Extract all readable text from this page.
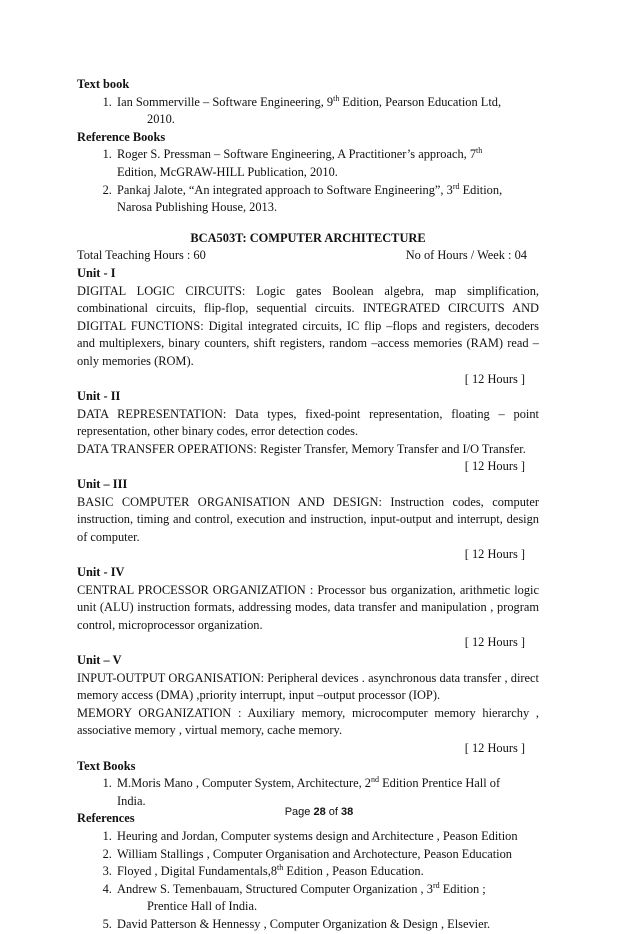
Text book
1. Ian Sommerville – Software Engineering, 9th Edition, Pearson Education Ltd,
2010.
Reference Books
1. Roger S. Pressman – Software Engineering, A Practitioner’s approach, 7th
Edition, McGRAW-HILL Publication, 2010.
2. Pankaj Jalote, “An integrated approach to Software Engineering”, 3rd Edition,
Narosa Publishing House, 2013.
BCA503T: COMPUTER ARCHITECTURE
Total Teaching Hours : 60	No of Hours / Week : 04
Unit - I
DIGITAL LOGIC CIRCUITS: Logic gates Boolean algebra, map simplification, combinational circuits, flip-flop, sequential circuits. INTEGRATED CIRCUITS AND DIGITAL FUNCTIONS: Digital integrated circuits, IC flip –flops and registers, decoders and multiplexers, binary counters, shift registers, random –access memories (RAM) read –only memories (ROM).
[ 12 Hours ]
Unit - II
DATA REPRESENTATION: Data types, fixed-point representation, floating – point representation, other binary codes, error detection codes.
DATA TRANSFER OPERATIONS: Register Transfer, Memory Transfer and I/O Transfer.
[ 12 Hours ]
Unit – III
BASIC COMPUTER ORGANISATION AND DESIGN: Instruction codes, computer instruction, timing and control, execution and instruction, input-output and interrupt, design of computer.
[ 12 Hours ]
Unit - IV
CENTRAL PROCESSOR ORGANIZATION : Processor bus organization, arithmetic logic unit (ALU) instruction formats, addressing modes, data transfer and manipulation , program control, microprocessor organization.
[ 12 Hours ]
Unit – V
INPUT-OUTPUT ORGANISATION: Peripheral devices . asynchronous data transfer , direct memory access (DMA) ,priority interrupt, input –output processor (IOP).
MEMORY ORGANIZATION : Auxiliary memory, microcomputer memory hierarchy , associative memory , virtual memory, cache memory.
[ 12 Hours ]
Text Books
1. M.Moris Mano , Computer System, Architecture, 2nd Edition Prentice Hall of
India.
References
1. Heuring and Jordan, Computer systems design and Architecture , Peason Edition
2. William Stallings , Computer Organisation and Archotecture, Peason Education
3. Floyed , Digital Fundamentals,8th Edition , Peason Education.
4. Andrew S. Temenbauam, Structured Computer Organization , 3rd Edition ;
Prentice Hall of India.
5. David Patterson & Hennessy , Computer Organization & Design , Elsevier.
Page 28 of 38
